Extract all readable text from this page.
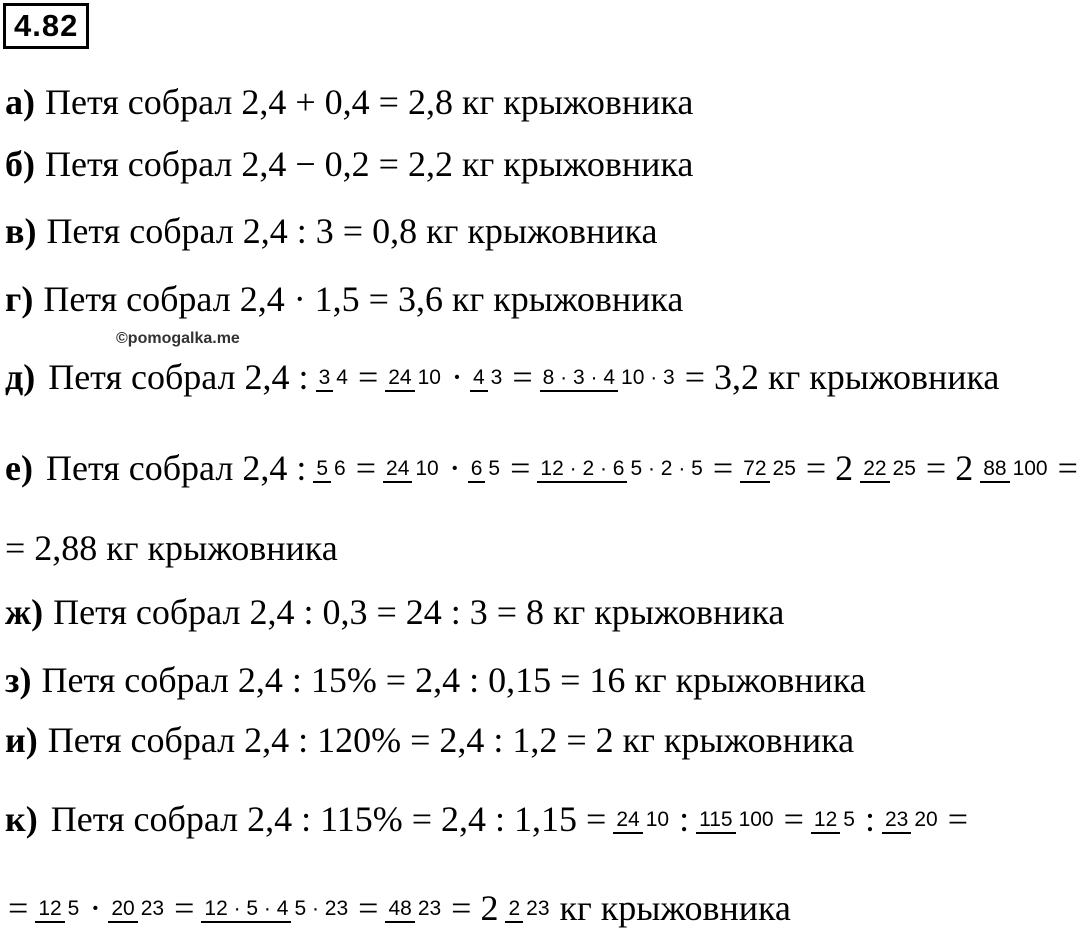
4.82
а) Петя собрал 2,4 + 0,4 = 2,8 кг крыжовника
б) Петя собрал 2,4 − 0,2 = 2,2 кг крыжовника
в) Петя собрал 2,4 : 3 = 0,8 кг крыжовника
г) Петя собрал 2,4 · 1,5 = 3,6 кг крыжовника
©pomogalka.me
д) Петя собрал 2,4 : 3 4 = 24 10 · 4 3 = 8 · 3 · 4 10 · 3 = 3,2 кг крыжовника
е) Петя собрал 2,4 : 5 6 = 24 10 · 6 5 = 12 · 2 · 6 5 · 2 · 5 = 72 25 = 2 22 25 = 2 88 100 =
= 2,88 кг крыжовника
ж) Петя собрал 2,4 : 0,3 = 24 : 3 = 8 кг крыжовника
з) Петя собрал 2,4 : 15% = 2,4 : 0,15 = 16 кг крыжовника
и) Петя собрал 2,4 : 120% = 2,4 : 1,2 = 2 кг крыжовника
к) Петя собрал 2,4 : 115% = 2,4 : 1,15 = 24 10 : 115 100 = 12 5 : 23 20 =
= 12 5 · 20 23 = 12 · 5 · 4 5 · 23 = 48 23 = 2 2 23 кг крыжовника
